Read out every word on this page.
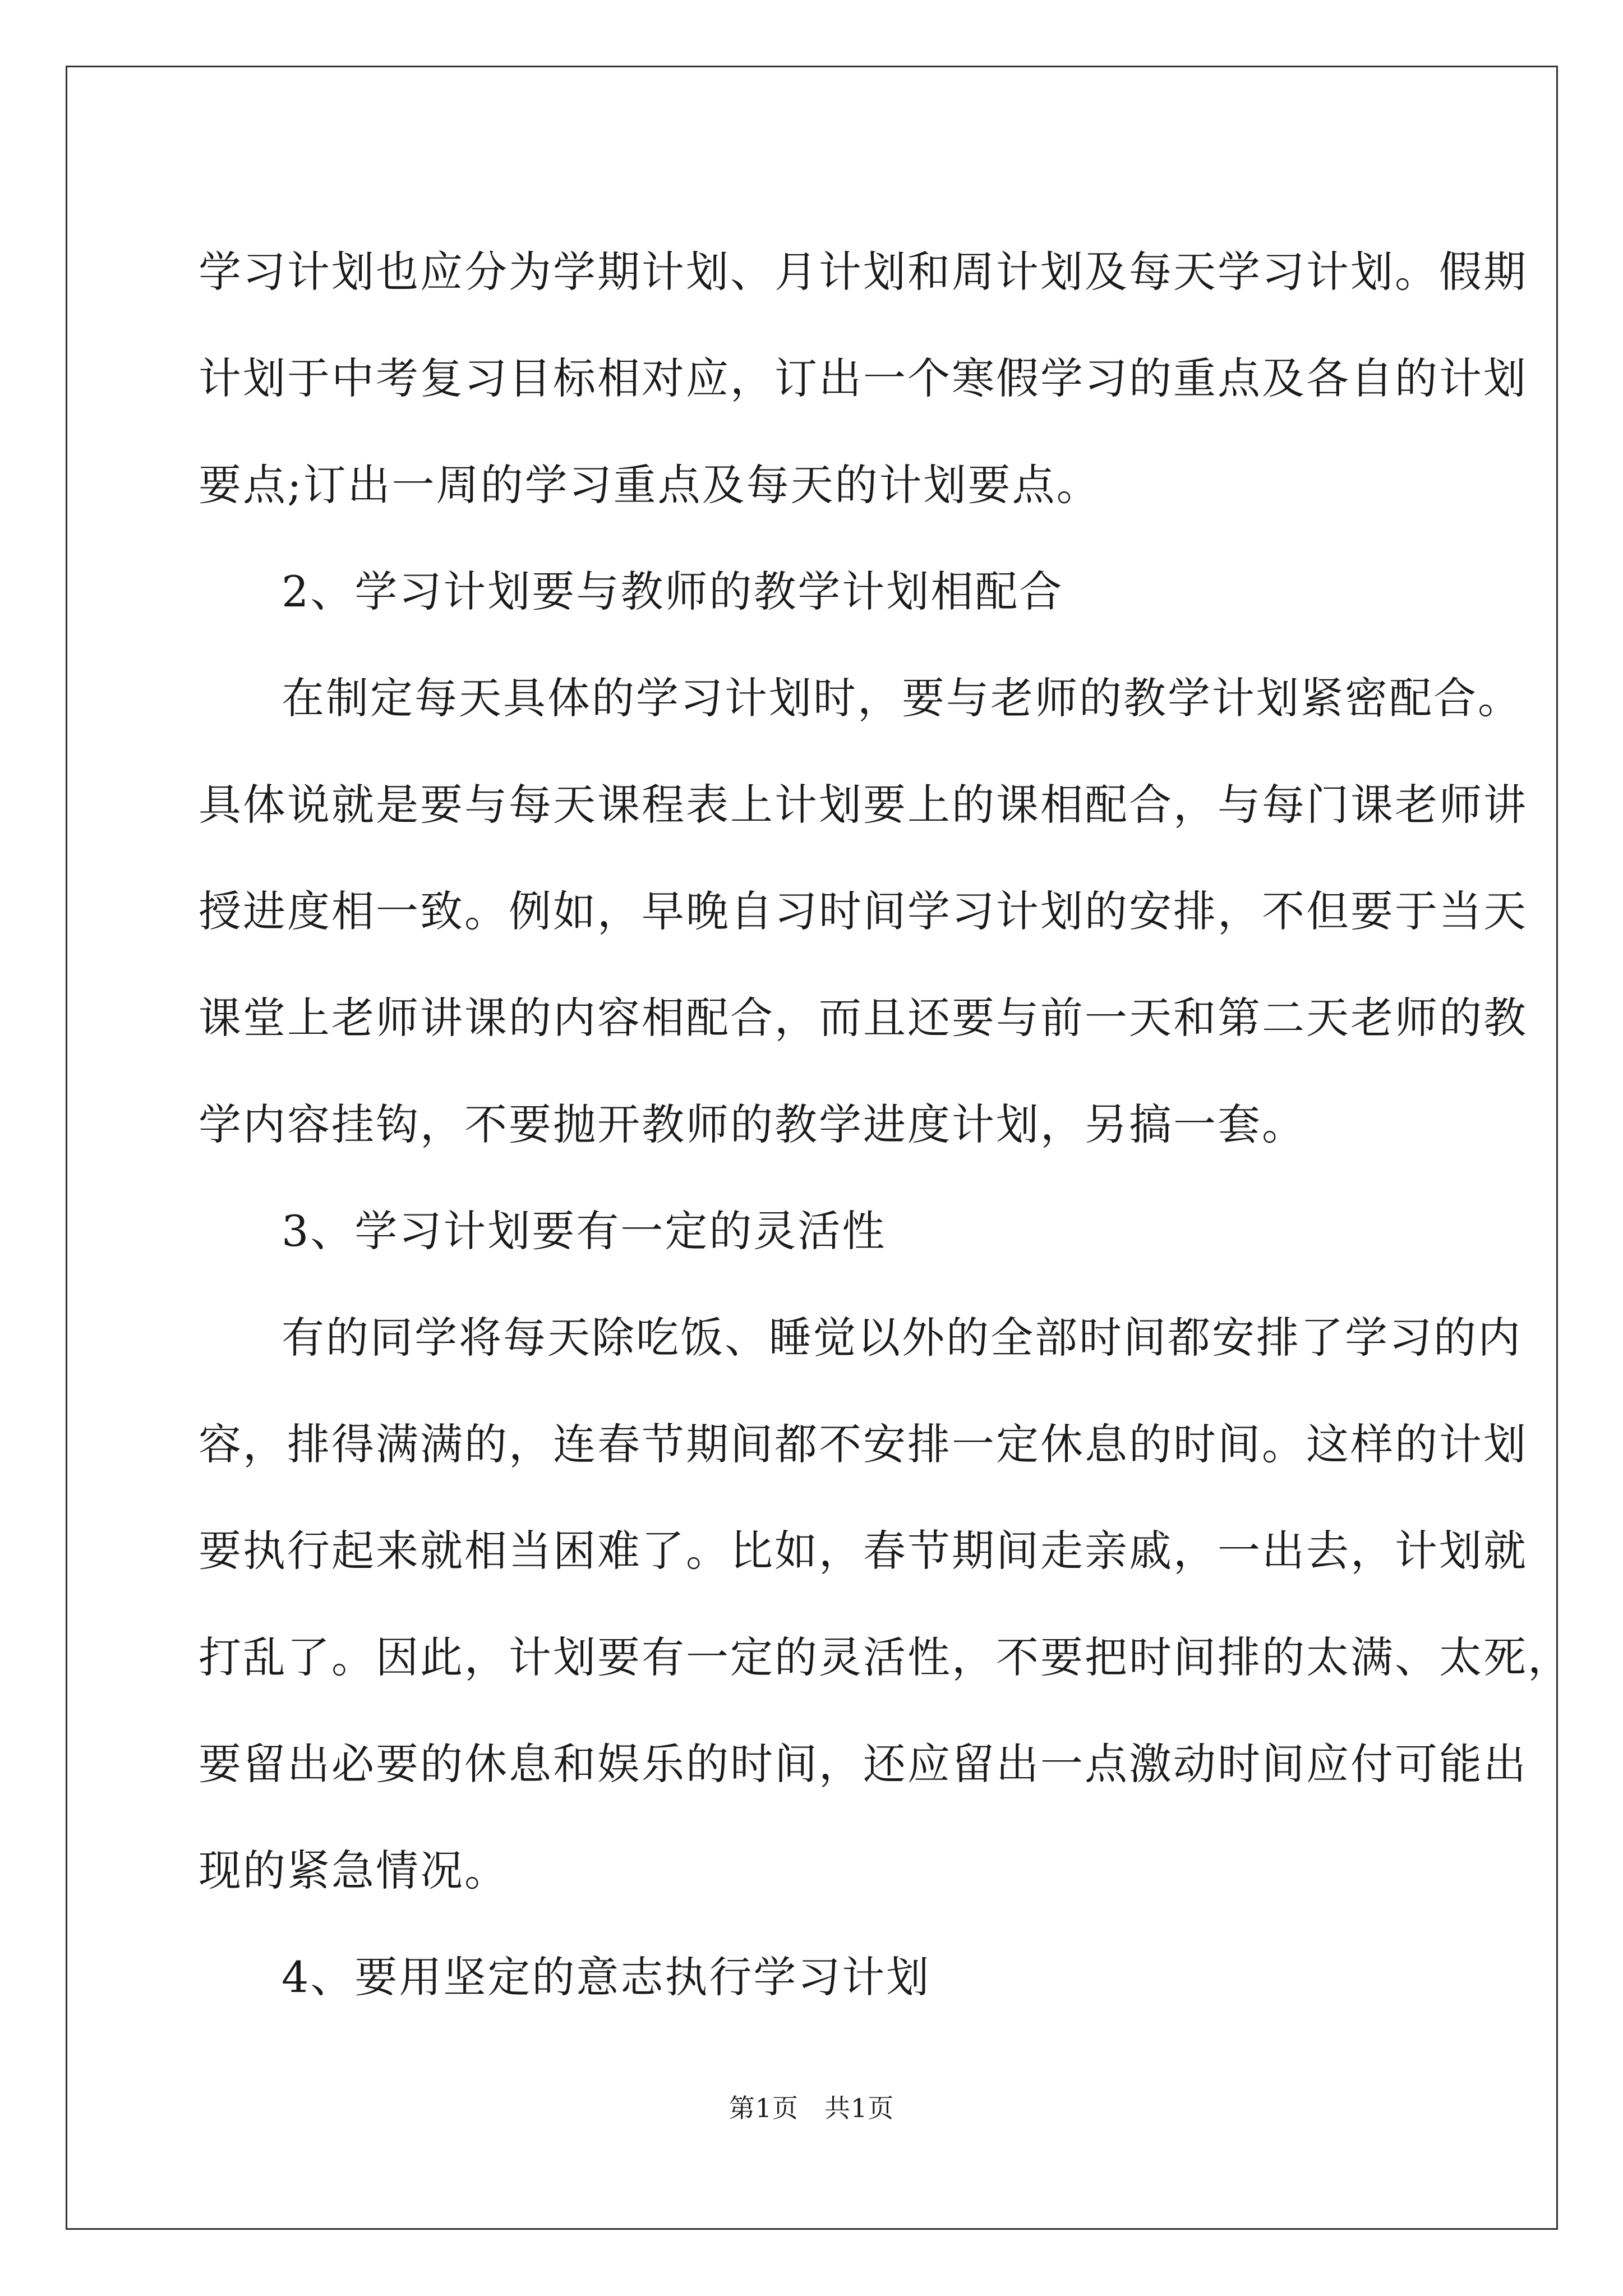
学习计划也应分为学期计划、月计划和周计划及每天学习计划。假期
计划于中考复习目标相对应，订出一个寒假学习的重点及各自的计划
要点;订出一周的学习重点及每天的计划要点。
2、学习计划要与教师的教学计划相配合
在制定每天具体的学习计划时，要与老师的教学计划紧密配合。
具体说就是要与每天课程表上计划要上的课相配合，与每门课老师讲
授进度相一致。例如，早晚自习时间学习计划的安排，不但要于当天
课堂上老师讲课的内容相配合，而且还要与前一天和第二天老师的教
学内容挂钩，不要抛开教师的教学进度计划，另搞一套。
3、学习计划要有一定的灵活性
有的同学将每天除吃饭、睡觉以外的全部时间都安排了学习的内
容，排得满满的，连春节期间都不安排一定休息的时间。这样的计划
要执行起来就相当困难了。比如，春节期间走亲戚，一出去，计划就
打乱了。因此，计划要有一定的灵活性，不要把时间排的太满、太死，
要留出必要的休息和娱乐的时间，还应留出一点激动时间应付可能出
现的紧急情况。
4、要用坚定的意志执行学习计划
第1页 共1页
